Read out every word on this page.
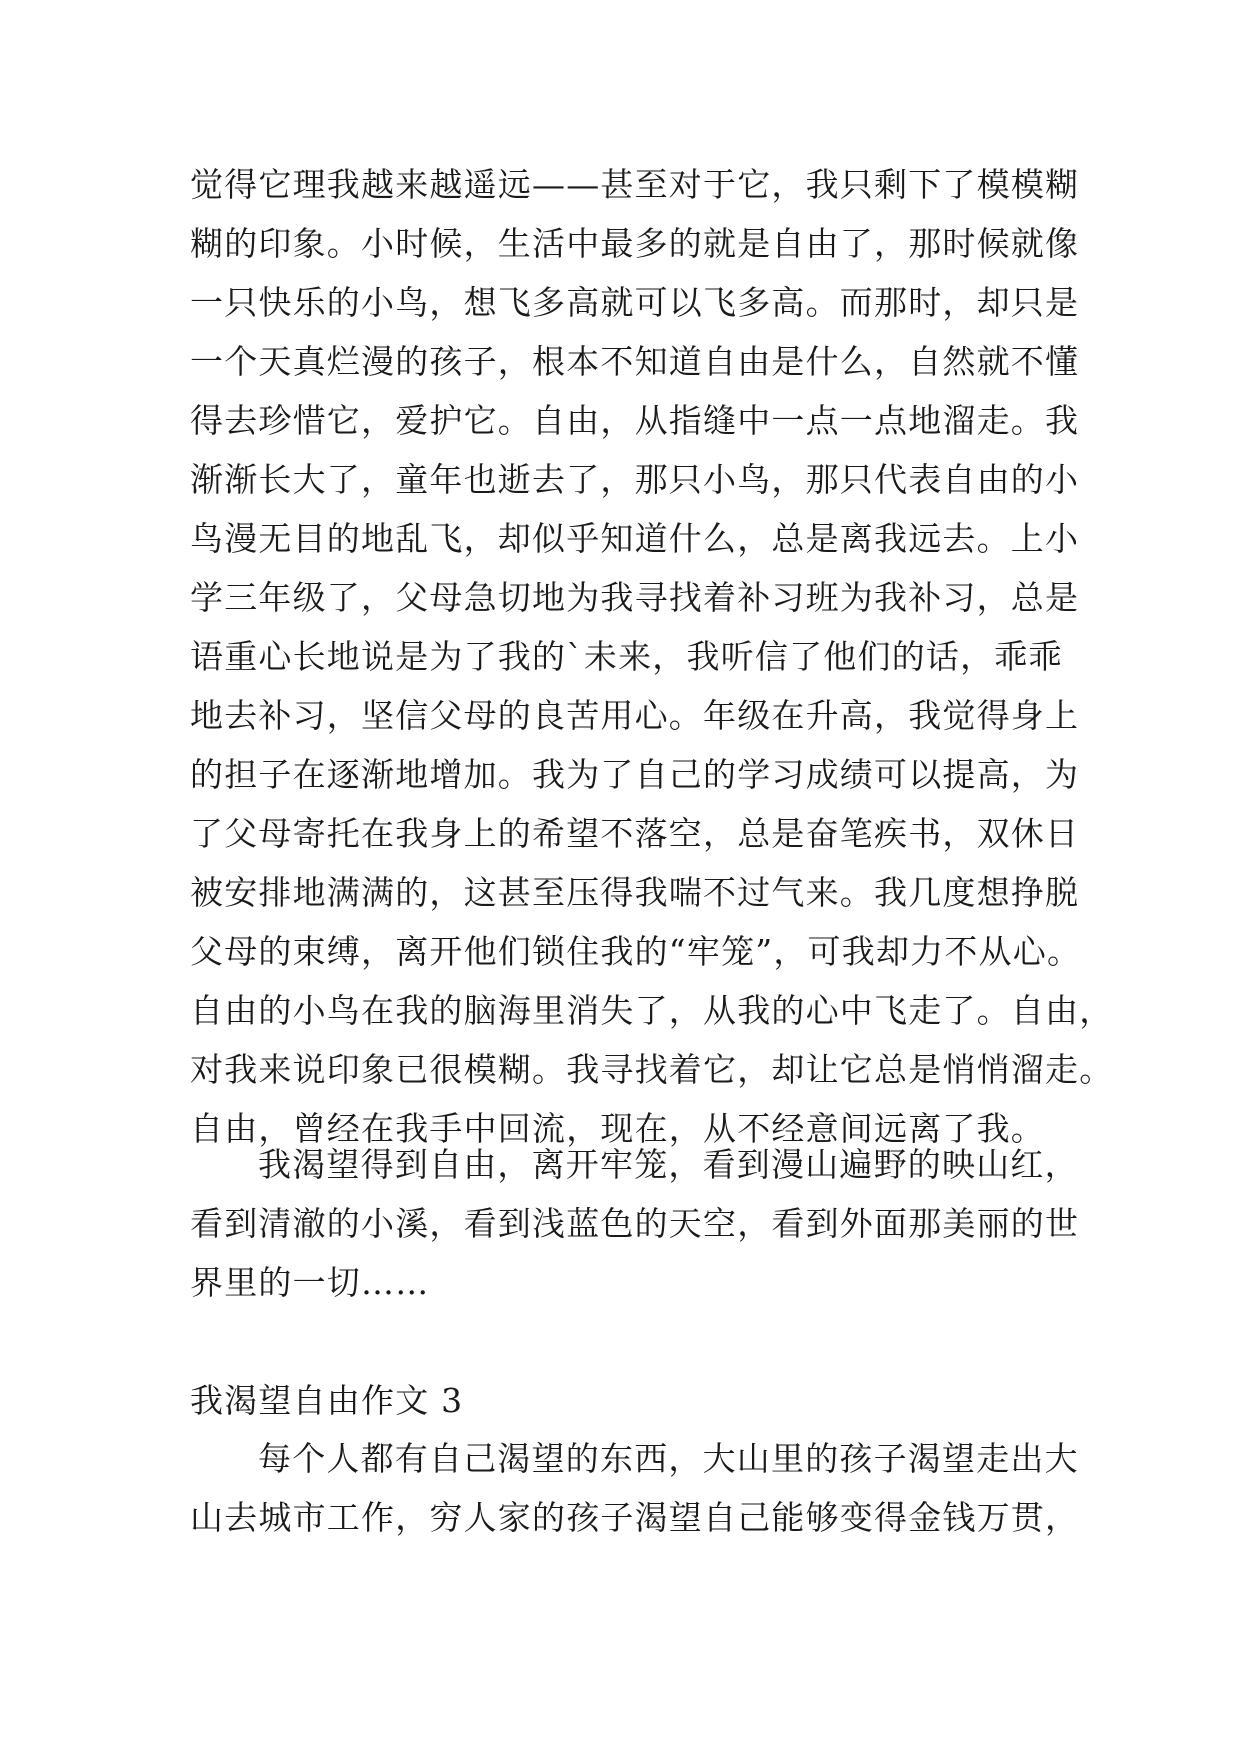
觉得它理我越来越遥远——甚至对于它，我只剩下了模模糊
糊的印象。小时候，生活中最多的就是自由了，那时候就像
一只快乐的小鸟，想飞多高就可以飞多高。而那时，却只是
一个天真烂漫的孩子，根本不知道自由是什么，自然就不懂
得去珍惜它，爱护它。自由，从指缝中一点一点地溜走。我
渐渐长大了，童年也逝去了，那只小鸟，那只代表自由的小
鸟漫无目的地乱飞，却似乎知道什么，总是离我远去。上小
学三年级了，父母急切地为我寻找着补习班为我补习，总是
语重心长地说是为了我的`未来，我听信了他们的话，乖乖
地去补习，坚信父母的良苦用心。年级在升高，我觉得身上
的担子在逐渐地增加。我为了自己的学习成绩可以提高，为
了父母寄托在我身上的希望不落空，总是奋笔疾书，双休日
被安排地满满的，这甚至压得我喘不过气来。我几度想挣脱
父母的束缚，离开他们锁住我的“牢笼”，可我却力不从心。
自由的小鸟在我的脑海里消失了，从我的心中飞走了。自由，
对我来说印象已很模糊。我寻找着它，却让它总是悄悄溜走。
自由，曾经在我手中回流，现在，从不经意间远离了我。
我渴望得到自由，离开牢笼，看到漫山遍野的映山红，
看到清澈的小溪，看到浅蓝色的天空，看到外面那美丽的世
界里的一切……
我渴望自由作文 3
每个人都有自己渴望的东西，大山里的孩子渴望走出大
山去城市工作，穷人家的孩子渴望自己能够变得金钱万贯，
